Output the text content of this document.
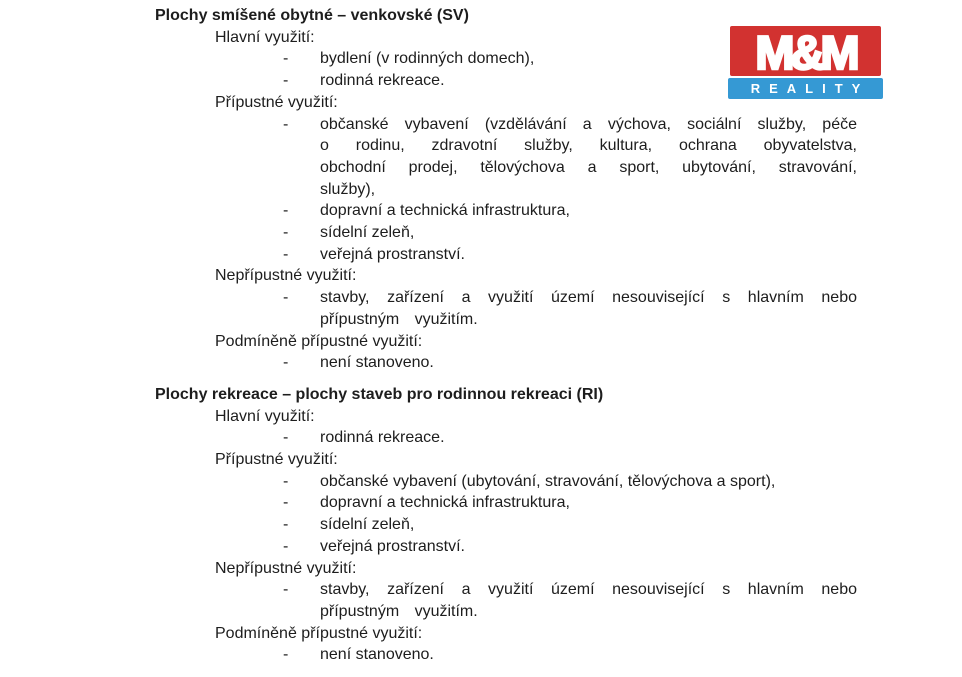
Plochy smíšené obytné – venkovské (SV)
Hlavní využití:
- bydlení (v rodinných domech),
- rodinná rekreace.
Přípustné využití:
- občanské vybavení (vzdělávání a výchova, sociální služby, péče o rodinu, zdravotní služby, kultura, ochrana obyvatelstva, obchodní prodej, tělovýchova a sport, ubytování, stravování, služby),
- dopravní a technická infrastruktura,
- sídelní zeleň,
- veřejná prostranství.
Nepřípustné využití:
- stavby, zařízení a využití území nesouvisející s hlavním nebo přípustným využitím.
Podmíněně přípustné využití:
- není stanoveno.
Plochy rekreace – plochy staveb pro rodinnou rekreaci (RI)
Hlavní využití:
- rodinná rekreace.
Přípustné využití:
- občanské vybavení (ubytování, stravování, tělovýchova a sport),
- dopravní a technická infrastruktura,
- sídelní zeleň,
- veřejná prostranství.
Nepřípustné využití:
- stavby, zařízení a využití území nesouvisející s hlavním nebo přípustným využitím.
Podmíněně přípustné využití:
- není stanoveno.
M&M
REALITY
